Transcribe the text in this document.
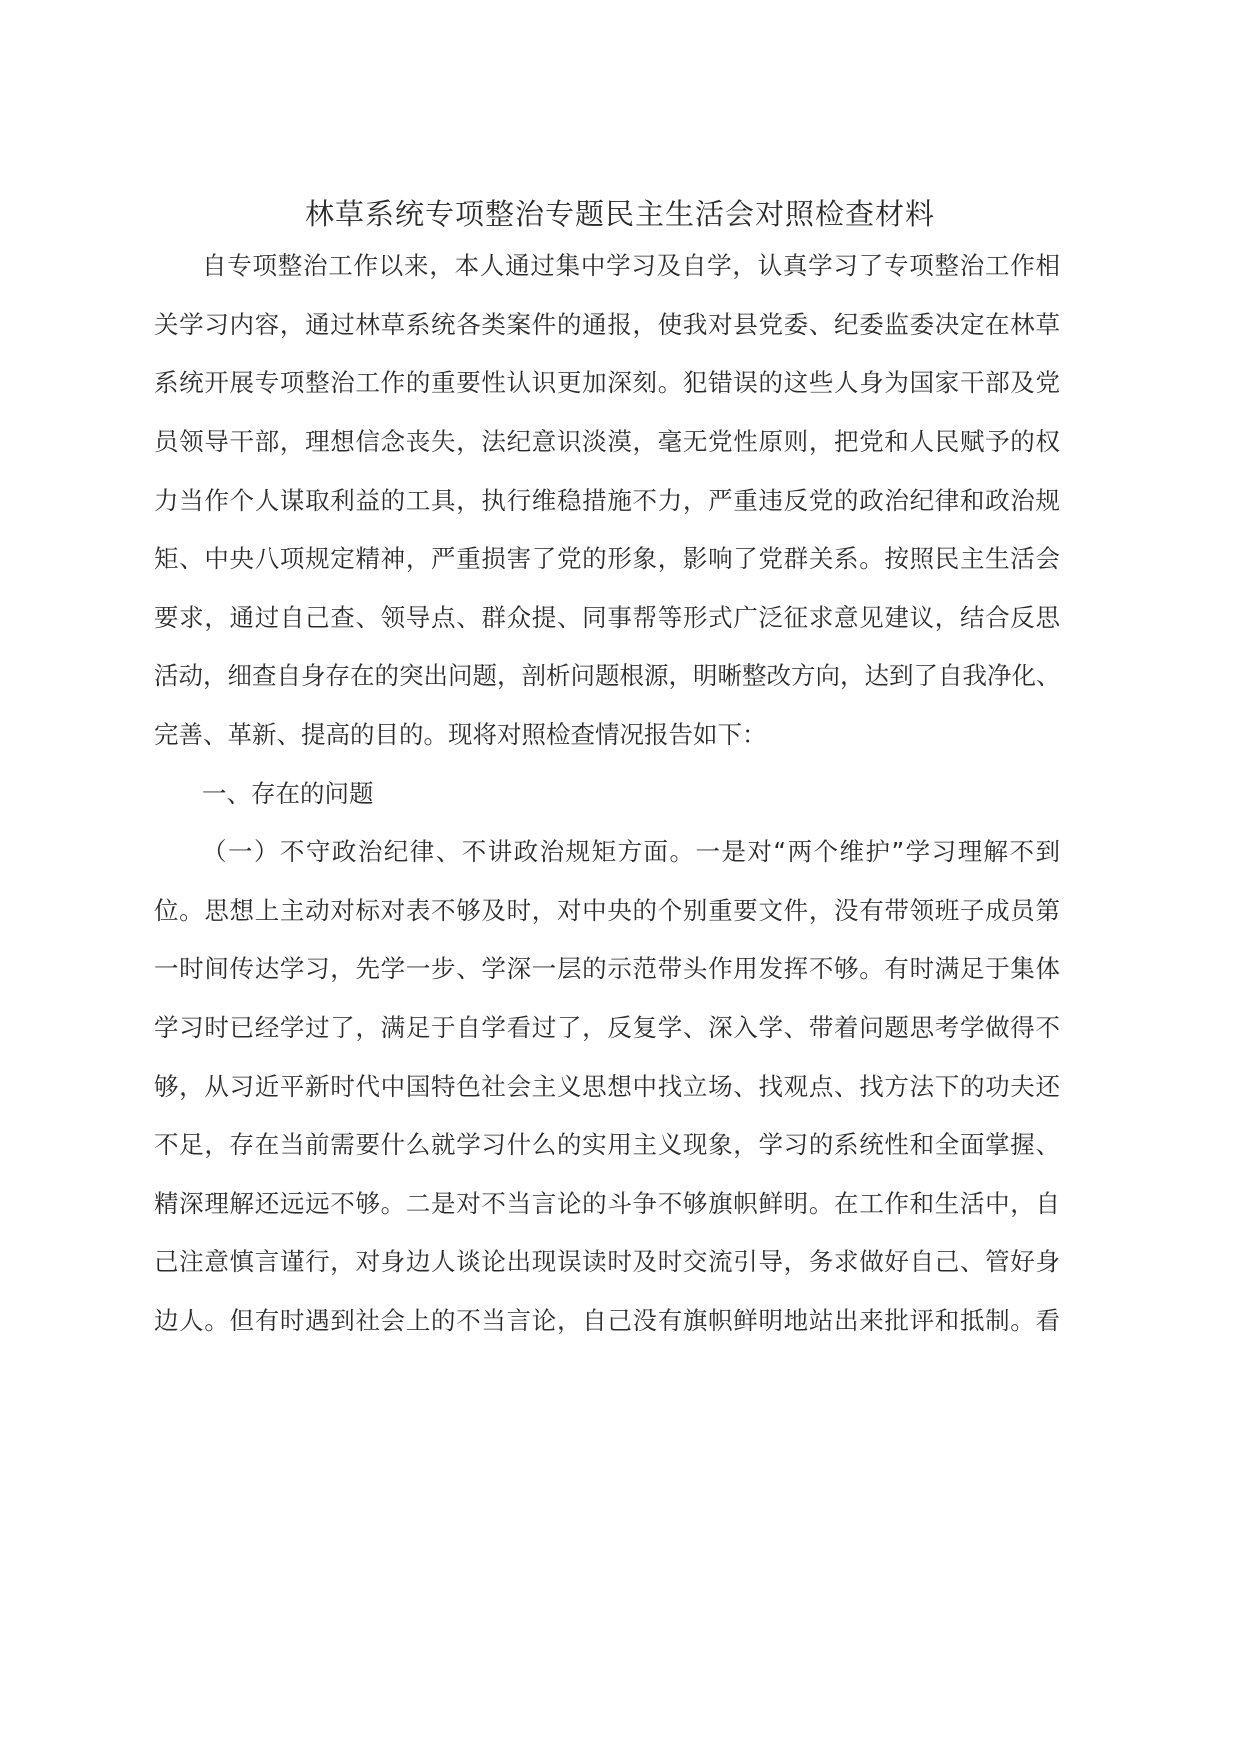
林草系统专项整治专题民主生活会对照检查材料
自专项整治工作以来，本人通过集中学习及自学，认真学习了专项整治工作相
关学习内容，通过林草系统各类案件的通报，使我对县党委、纪委监委决定在林草
系统开展专项整治工作的重要性认识更加深刻。犯错误的这些人身为国家干部及党
员领导干部，理想信念丧失，法纪意识淡漠，毫无党性原则，把党和人民赋予的权
力当作个人谋取利益的工具，执行维稳措施不力，严重违反党的政治纪律和政治规
矩、中央八项规定精神，严重损害了党的形象，影响了党群关系。按照民主生活会
要求，通过自己查、领导点、群众提、同事帮等形式广泛征求意见建议，结合反思
活动，细查自身存在的突出问题，剖析问题根源，明晰整改方向，达到了自我净化、
完善、革新、提高的目的。现将对照检查情况报告如下：
一、存在的问题
（一）不守政治纪律、不讲政治规矩方面。一是对“两个维护”学习理解不到
位。思想上主动对标对表不够及时，对中央的个别重要文件，没有带领班子成员第
一时间传达学习，先学一步、学深一层的示范带头作用发挥不够。有时满足于集体
学习时已经学过了，满足于自学看过了，反复学、深入学、带着问题思考学做得不
够，从习近平新时代中国特色社会主义思想中找立场、找观点、找方法下的功夫还
不足，存在当前需要什么就学习什么的实用主义现象，学习的系统性和全面掌握、
精深理解还远远不够。二是对不当言论的斗争不够旗帜鲜明。在工作和生活中，自
己注意慎言谨行，对身边人谈论出现误读时及时交流引导，务求做好自己、管好身
边人。但有时遇到社会上的不当言论，自己没有旗帜鲜明地站出来批评和抵制。看
